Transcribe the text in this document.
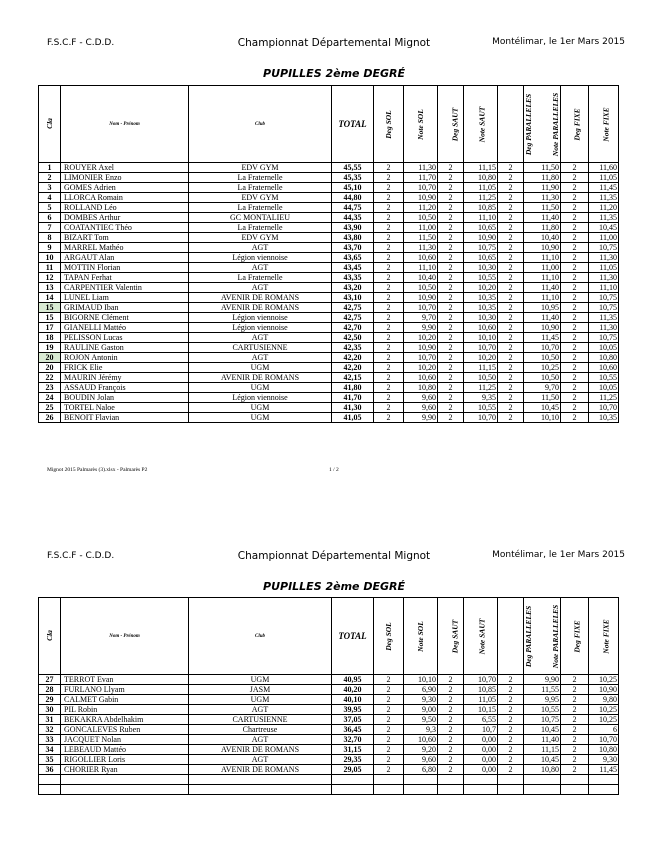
F.S.C.F - C.D.D.	Championnat Départemental Mignot	Montélimar, le 1er Mars 2015
PUPILLES 2ème DEGRÉ
Cla	Nom - Prénom	Club	TOTAL	Deg SOL	Note SOL	Deg SAUT	Note SAUT	Deg PARALLELES	Note PARALLELES	Deg FIXE	Note FIXE
1	ROUYER Axel	EDV GYM	45,55	2	11,30	2	11,15	2	11,50	2	11,60
2	LIMONIER Enzo	La Fraternelle	45,35	2	11,70	2	10,80	2	11,80	2	11,05
3	GOMES Adrien	La Fraternelle	45,10	2	10,70	2	11,05	2	11,90	2	11,45
4	LLORCA Romain	EDV GYM	44,80	2	10,90	2	11,25	2	11,30	2	11,35
5	ROLLAND Léo	La Fraternelle	44,75	2	11,20	2	10,85	2	11,50	2	11,20
6	DOMBES Arthur	GC MONTALIEU	44,35	2	10,50	2	11,10	2	11,40	2	11,35
7	COATANTIEC Théo	La Fraternelle	43,90	2	11,00	2	10,65	2	11,80	2	10,45
8	BIZART Tom	EDV GYM	43,80	2	11,50	2	10,90	2	10,40	2	11,00
9	MARREL Mathéo	AGT	43,70	2	11,30	2	10,75	2	10,90	2	10,75
10	ARGAUT Alan	Légion viennoise	43,65	2	10,60	2	10,65	2	11,10	2	11,30
11	MOTTIN Florian	AGT	43,45	2	11,10	2	10,30	2	11,00	2	11,05
12	TAPAN Ferhat	La Fraternelle	43,35	2	10,40	2	10,55	2	11,10	2	11,30
13	CARPENTIER Valentin	AGT	43,20	2	10,50	2	10,20	2	11,40	2	11,10
14	LUNEL Liam	AVENIR DE ROMANS	43,10	2	10,90	2	10,35	2	11,10	2	10,75
15	GRIMAUD Iban	AVENIR DE ROMANS	42,75	2	10,70	2	10,35	2	10,95	2	10,75
15	BIGORNE Clément	Légion viennoise	42,75	2	9,70	2	10,30	2	11,40	2	11,35
17	GIANELLI Mattéo	Légion viennoise	42,70	2	9,90	2	10,60	2	10,90	2	11,30
18	PELISSON Lucas	AGT	42,50	2	10,20	2	10,10	2	11,45	2	10,75
19	RAULINE Gaston	CARTUSIENNE	42,35	2	10,90	2	10,70	2	10,70	2	10,05
20	ROJON Antonin	AGT	42,20	2	10,70	2	10,20	2	10,50	2	10,80
20	FRICK Elie	UGM	42,20	2	10,20	2	11,15	2	10,25	2	10,60
22	MAURIN Jérémy	AVENIR DE ROMANS	42,15	2	10,60	2	10,50	2	10,50	2	10,55
23	ASSAUD François	UGM	41,80	2	10,80	2	11,25	2	9,70	2	10,05
24	BOUDIN Jolan	Légion viennoise	41,70	2	9,60	2	9,35	2	11,50	2	11,25
25	TORTEL Naloe	UGM	41,30	2	9,60	2	10,55	2	10,45	2	10,70
26	BENOIT Flavian	UGM	41,05	2	9,90	2	10,70	2	10,10	2	10,35
Mignot 2015 Palmarès (3).xlsx - Palmarès P2	1 / 2
F.S.C.F - C.D.D.	Championnat Départemental Mignot	Montélimar, le 1er Mars 2015
PUPILLES 2ème DEGRÉ
Cla	Nom - Prénom	Club	TOTAL	Deg SOL	Note SOL	Deg SAUT	Note SAUT	Deg PARALLELES	Note PARALLELES	Deg FIXE	Note FIXE
27	TERROT Evan	UGM	40,95	2	10,10	2	10,70	2	9,90	2	10,25
28	FURLANO Llyam	JASM	40,20	2	6,90	2	10,85	2	11,55	2	10,90
29	CALMET Gabin	UGM	40,10	2	9,30	2	11,05	2	9,95	2	9,80
30	PIL Robin	AGT	39,95	2	9,00	2	10,15	2	10,55	2	10,25
31	BEKAKRA Abdelhakim	CARTUSIENNE	37,05	2	9,50	2	6,55	2	10,75	2	10,25
32	GONCALEVES Ruben	Chartreuse	36,45	2	9,3	2	10,7	2	10,45	2	6
33	JACQUET Nolan	AGT	32,70	2	10,60	2	0,00	2	11,40	2	10,70
34	LEBEAUD Mattéo	AVENIR DE ROMANS	31,15	2	9,20	2	0,00	2	11,15	2	10,80
35	RIGOLLIER Loris	AGT	29,35	2	9,60	2	0,00	2	10,45	2	9,30
36	CHORIER Ryan	AVENIR DE ROMANS	29,05	2	6,80	2	0,00	2	10,80	2	11,45
